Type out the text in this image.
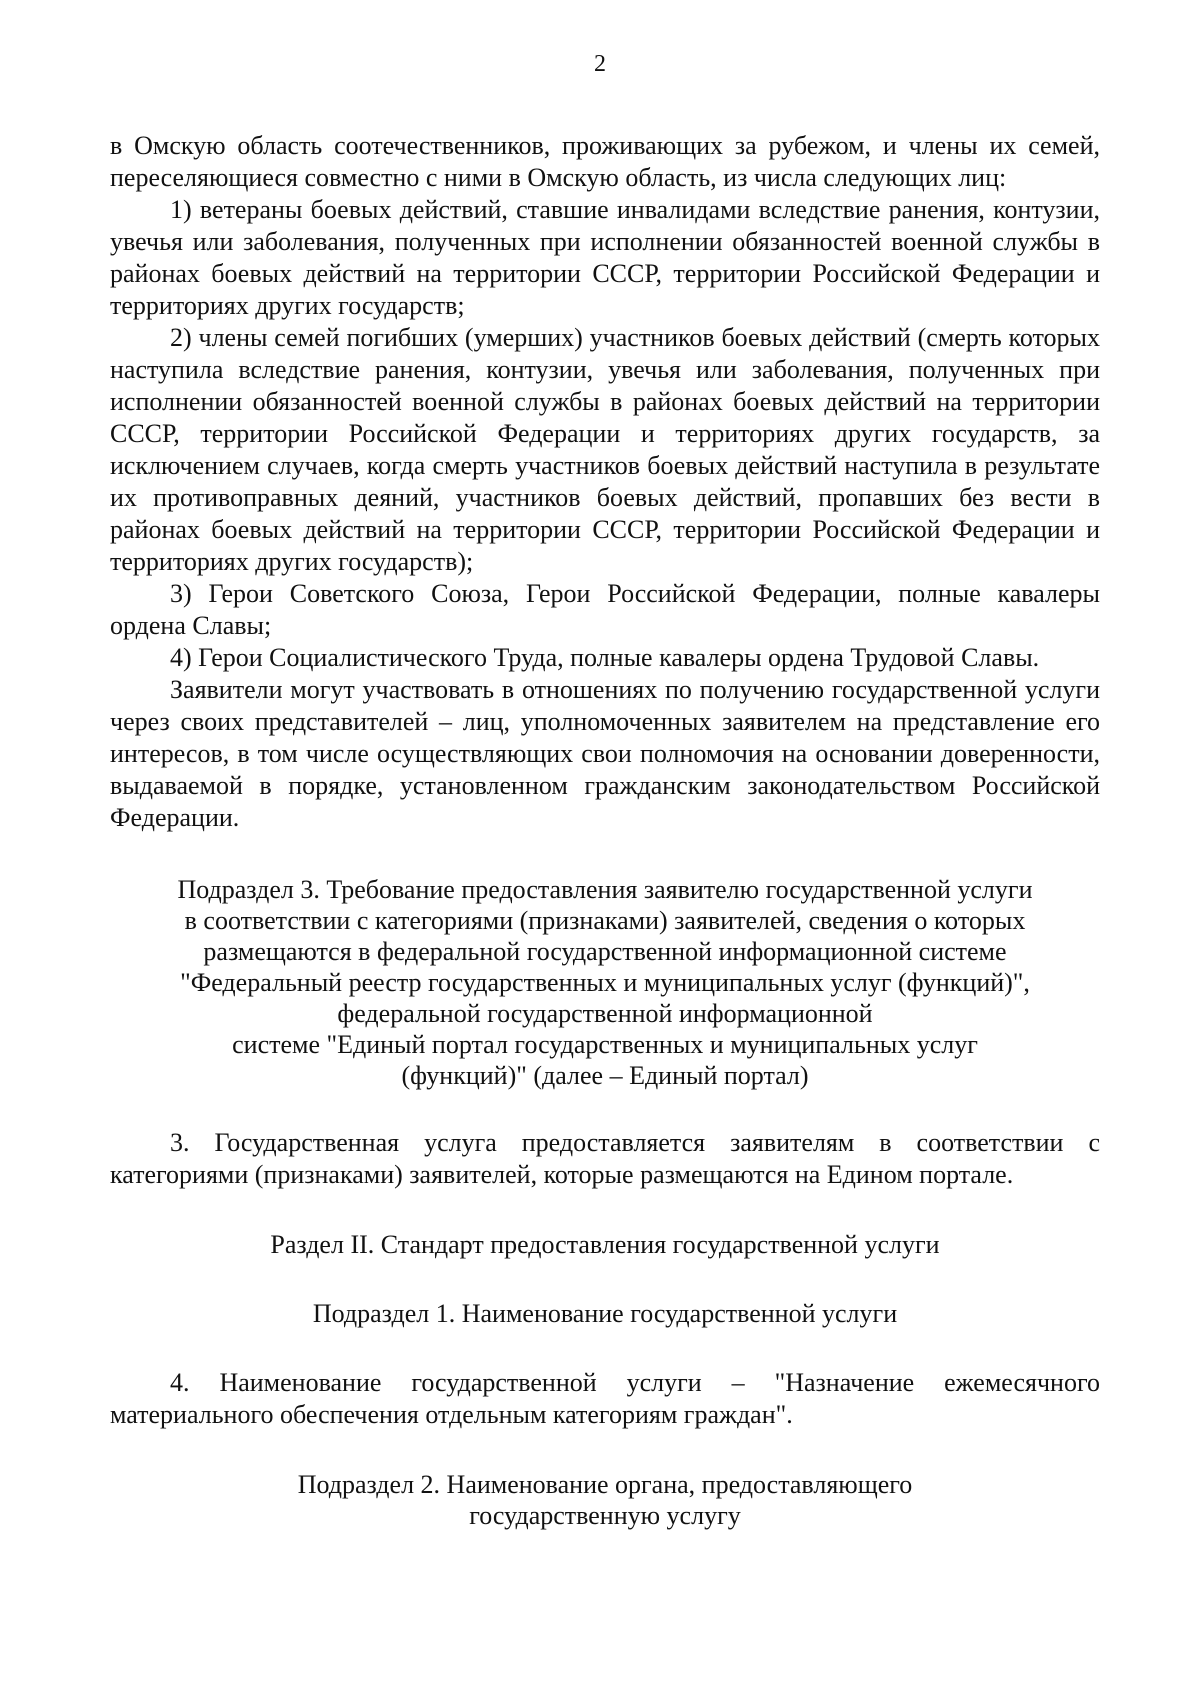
2

в Омскую область соотечественников, проживающих за рубежом, и члены их семей, переселяющиеся совместно с ними в Омскую область, из числа следующих лиц:

1) ветераны боевых действий, ставшие инвалидами вследствие ранения, контузии, увечья или заболевания, полученных при исполнении обязанностей военной службы в районах боевых действий на территории СССР, территории Российской Федерации и территориях других государств;

2) члены семей погибших (умерших) участников боевых действий (смерть которых наступила вследствие ранения, контузии, увечья или заболевания, полученных при исполнении обязанностей военной службы в районах боевых действий на территории СССР, территории Российской Федерации и территориях других государств, за исключением случаев, когда смерть участников боевых действий наступила в результате их противоправных деяний, участников боевых действий, пропавших без вести в районах боевых действий на территории СССР, территории Российской Федерации и территориях других государств);

3) Герои Советского Союза, Герои Российской Федерации, полные кавалеры ордена Славы;

4) Герои Социалистического Труда, полные кавалеры ордена Трудовой Славы.

Заявители могут участвовать в отношениях по получению государственной услуги через своих представителей – лиц, уполномоченных заявителем на представление его интересов, в том числе осуществляющих свои полномочия на основании доверенности, выдаваемой в порядке, установленном гражданским законодательством Российской Федерации.

Подраздел 3. Требование предоставления заявителю государственной услуги
в соответствии с категориями (признаками) заявителей, сведения о которых
размещаются в федеральной государственной информационной системе
"Федеральный реестр государственных и муниципальных услуг (функций)",
федеральной государственной информационной
системе "Единый портал государственных и муниципальных услуг
(функций)" (далее – Единый портал)

3. Государственная услуга предоставляется заявителям в соответствии с категориями (признаками) заявителей, которые размещаются на Едином портале.

Раздел II. Стандарт предоставления государственной услуги
Подраздел 1. Наименование государственной услуги

4. Наименование государственной услуги – "Назначение ежемесячного материального обеспечения отдельным категориям граждан".

Подраздел 2. Наименование органа, предоставляющего
государственную услугу
